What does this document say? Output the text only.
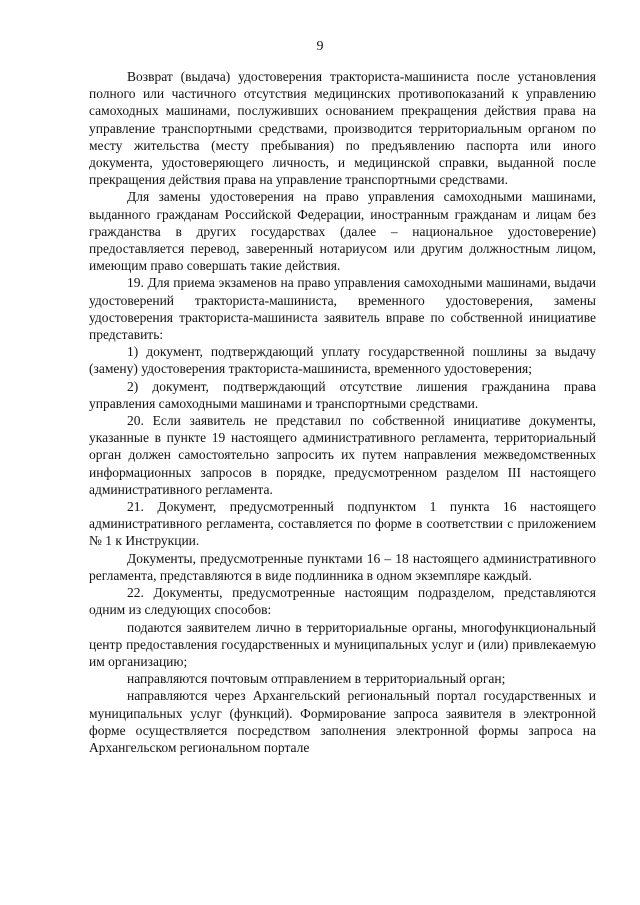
9

Возврат (выдача) удостоверения тракториста-машиниста после установления полного или частичного отсутствия медицинских противопоказаний к управлению самоходных машинами, послуживших основанием прекращения действия права на управление транспортными средствами, производится территориальным органом по месту жительства (месту пребывания) по предъявлению паспорта или иного документа, удостоверяющего личность, и медицинской справки, выданной после прекращения действия права на управление транспортными средствами.

Для замены удостоверения на право управления самоходными машинами, выданного гражданам Российской Федерации, иностранным гражданам и лицам без гражданства в других государствах (далее – национальное удостоверение) предоставляется перевод, заверенный нотариусом или другим должностным лицом, имеющим право совершать такие действия.

19. Для приема экзаменов на право управления самоходными машинами, выдачи удостоверений тракториста-машиниста, временного удостоверения, замены удостоверения тракториста-машиниста заявитель вправе по собственной инициативе представить:

1) документ, подтверждающий уплату государственной пошлины за выдачу (замену) удостоверения тракториста-машиниста, временного удостоверения;

2) документ, подтверждающий отсутствие лишения гражданина права управления самоходными машинами и транспортными средствами.

20. Если заявитель не представил по собственной инициативе документы, указанные в пункте 19 настоящего административного регламента, территориальный орган должен самостоятельно запросить их путем направления межведомственных информационных запросов в порядке, предусмотренном разделом III настоящего административного регламента.

21. Документ, предусмотренный подпунктом 1 пункта 16 настоящего административного регламента, составляется по форме в соответствии с приложением № 1 к Инструкции.

Документы, предусмотренные пунктами 16 – 18 настоящего административного регламента, представляются в виде подлинника в одном экземпляре каждый.

22. Документы, предусмотренные настоящим подразделом, представляются одним из следующих способов:

подаются заявителем лично в территориальные органы, многофункциональный центр предоставления государственных и муниципальных услуг и (или) привлекаемую им организацию;

направляются почтовым отправлением в территориальный орган;

направляются через Архангельский региональный портал государственных и муниципальных услуг (функций). Формирование запроса заявителя в электронной форме осуществляется посредством заполнения электронной формы запроса на Архангельском региональном портале
